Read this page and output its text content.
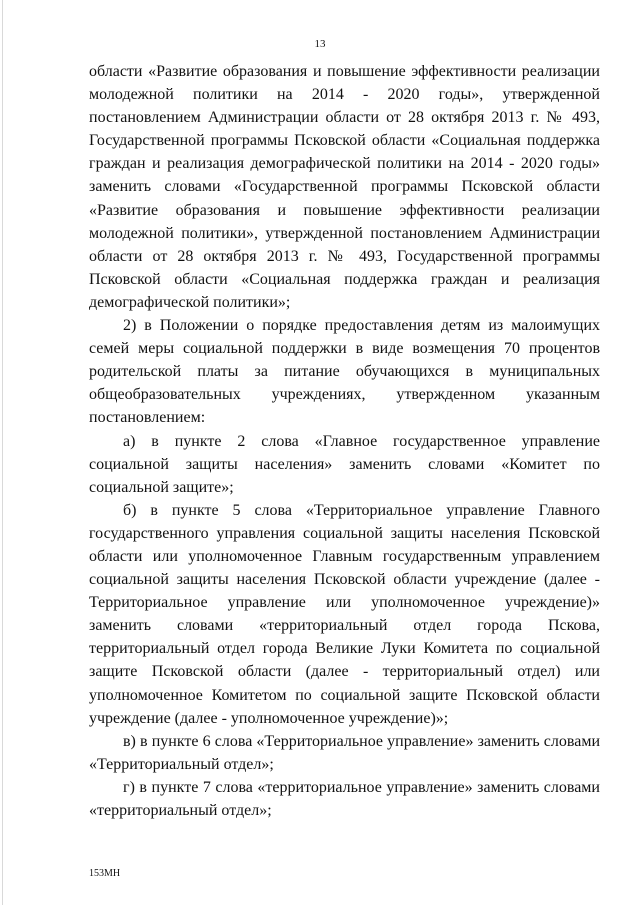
13

области «Развитие образования и повышение эффективности реализации молодежной политики на 2014 - 2020 годы», утвержденной постановлением Администрации области от 28 октября 2013 г. № 493, Государственной программы Псковской области «Социальная поддержка граждан и реализация демографической политики на 2014 - 2020 годы» заменить словами «Государственной программы Псковской области «Развитие образования и повышение эффективности реализации молодежной политики», утвержденной постановлением Администрации области от 28 октября 2013 г. № 493, Государственной программы Псковской области «Социальная поддержка граждан и реализация демографической политики»;

2) в Положении о порядке предоставления детям из малоимущих семей меры социальной поддержки в виде возмещения 70 процентов родительской платы за питание обучающихся в муниципальных общеобразовательных учреждениях, утвержденном указанным постановлением:

а) в пункте 2 слова «Главное государственное управление социальной защиты населения» заменить словами «Комитет по социальной защите»;

б) в пункте 5 слова «Территориальное управление Главного государственного управления социальной защиты населения Псковской области или уполномоченное Главным государственным управлением социальной защиты населения Псковской области учреждение (далее - Территориальное управление или уполномоченное учреждение)» заменить словами «территориальный отдел города Пскова, территориальный отдел города Великие Луки Комитета по социальной защите Псковской области (далее - территориальный отдел) или уполномоченное Комитетом по социальной защите Псковской области учреждение (далее - уполномоченное учреждение)»;

в) в пункте 6 слова «Территориальное управление» заменить словами «Территориальный отдел»;

г) в пункте 7 слова «территориальное управление» заменить словами «территориальный отдел»;

153МН
